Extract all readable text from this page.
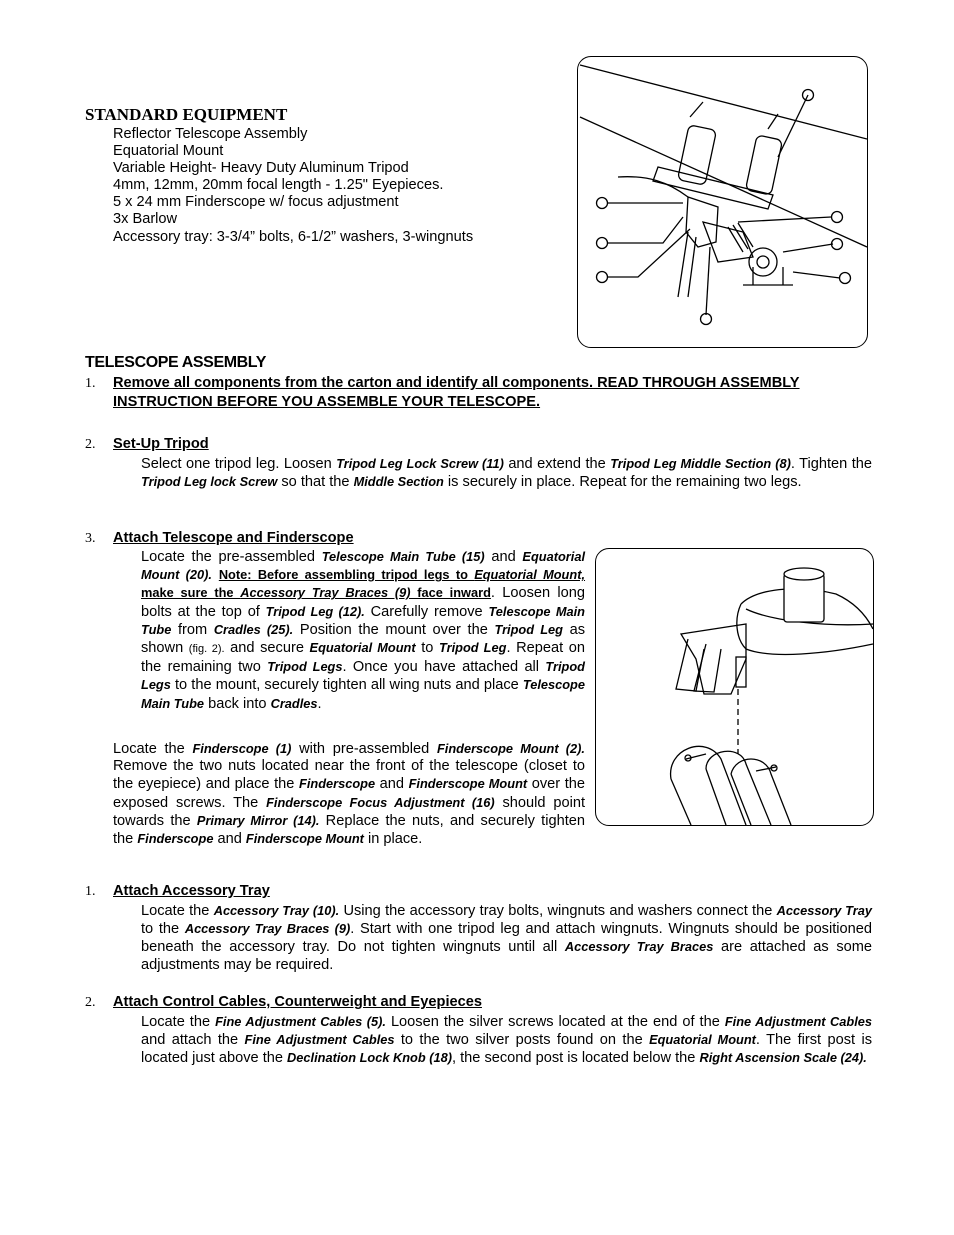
STANDARD EQUIPMENT
Reflector Telescope Assembly
Equatorial Mount
Variable Height- Heavy Duty Aluminum Tripod
4mm, 12mm, 20mm focal length - 1.25" Eyepieces.
5 x 24 mm Finderscope w/ focus adjustment
3x Barlow
Accessory tray: 3-3/4” bolts, 6-1/2” washers, 3-wingnuts
TELESCOPE ASSEMBLY
1. Remove all components from the carton and identify all components. READ THROUGH ASSEMBLY
INSTRUCTION BEFORE YOU ASSEMBLE YOUR TELESCOPE.
2. Set-Up Tripod
Select one tripod leg. Loosen Tripod Leg Lock Screw (11) and extend the Tripod Leg Middle Section (8). Tighten the Tripod Leg lock Screw so that the Middle Section is securely in place. Repeat for the remaining two legs.
3. Attach Telescope and Finderscope
Locate the pre-assembled Telescope Main Tube (15) and Equatorial Mount (20). Note: Before assembling tripod legs to Equatorial Mount, make sure the Accessory Tray Braces (9) face inward. Loosen long bolts at the top of Tripod Leg (12). Carefully remove Telescope Main Tube from Cradles (25). Position the mount over the Tripod Leg as shown (fig. 2). and secure Equatorial Mount to Tripod Leg. Repeat on the remaining two Tripod Legs. Once you have attached all Tripod Legs to the mount, securely tighten all wing nuts and place Telescope Main Tube back into Cradles.
Locate the Finderscope (1) with pre-assembled Finderscope Mount (2). Remove the two nuts located near the front of the telescope (closet to the eyepiece) and place the Finderscope and Finderscope Mount over the exposed screws. The Finderscope Focus Adjustment (16) should point towards the Primary Mirror (14). Replace the nuts, and securely tighten the Finderscope and Finderscope Mount in place.
1. Attach Accessory Tray
Locate the Accessory Tray (10). Using the accessory tray bolts, wingnuts and washers connect the Accessory Tray to the Accessory Tray Braces (9). Start with one tripod leg and attach wingnuts. Wingnuts should be positioned beneath the accessory tray. Do not tighten wingnuts until all Accessory Tray Braces are attached as some adjustments may be required.
2. Attach Control Cables, Counterweight and Eyepieces
Locate the Fine Adjustment Cables (5). Loosen the silver screws located at the end of the Fine Adjustment Cables and attach the Fine Adjustment Cables to the two silver posts found on the Equatorial Mount. The first post is located just above the Declination Lock Knob (18), the second post is located below the Right Ascension Scale (24).
